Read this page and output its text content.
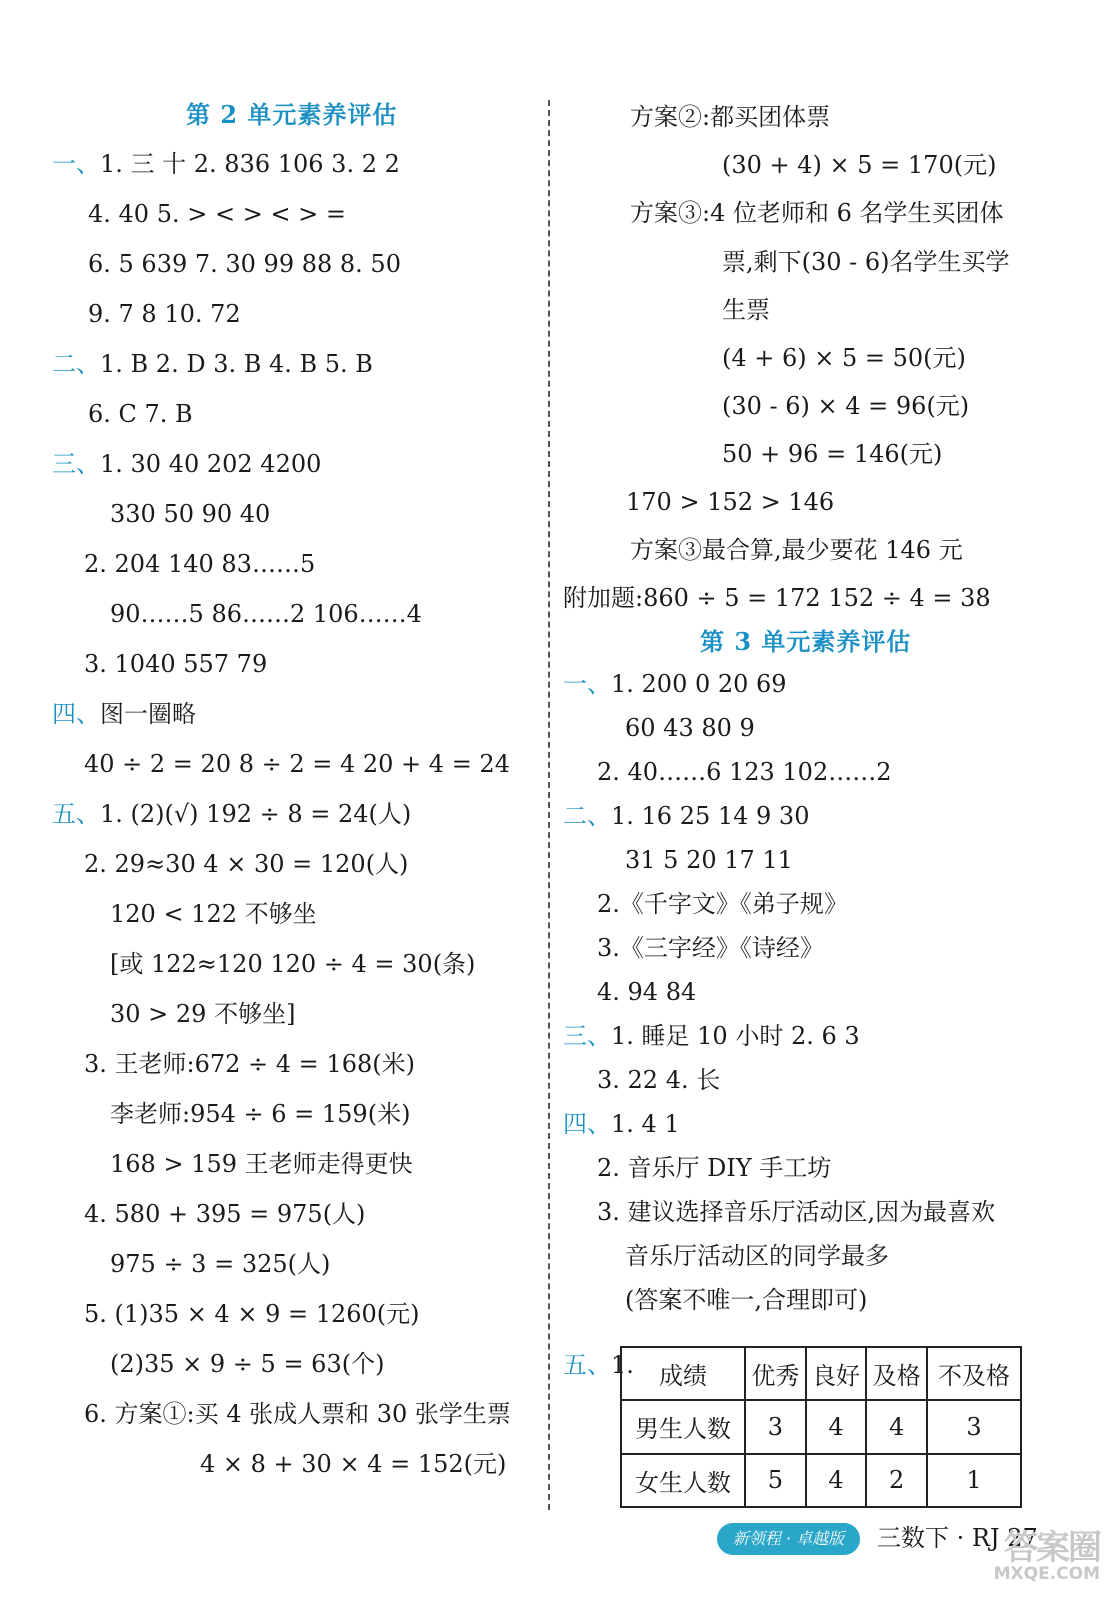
第 2 单元素养评估
一、1. 三 十 2. 836 106 3. 2 2
4. 40 5. > < > < > =
6. 5 639 7. 30 99 88 8. 50
9. 7 8 10. 72
二、1. B 2. D 3. B 4. B 5. B
6. C 7. B
三、1. 30 40 202 4200
330 50 90 40
2. 204 140 83……5
90……5 86……2 106……4
3. 1040 557 79
四、图一圈略
40 ÷ 2 = 20 8 ÷ 2 = 4 20 + 4 = 24
五、1. (2)(√) 192 ÷ 8 = 24(人)
2. 29≈30 4 × 30 = 120(人)
120 < 122 不够坐
[或 122≈120 120 ÷ 4 = 30(条)
30 > 29 不够坐]
3. 王老师:672 ÷ 4 = 168(米)
李老师:954 ÷ 6 = 159(米)
168 > 159 王老师走得更快
4. 580 + 395 = 975(人)
975 ÷ 3 = 325(人)
5. (1)35 × 4 × 9 = 1260(元)
(2)35 × 9 ÷ 5 = 63(个)
6. 方案①:买 4 张成人票和 30 张学生票
4 × 8 + 30 × 4 = 152(元)
方案②:都买团体票
(30 + 4) × 5 = 170(元)
方案③:4 位老师和 6 名学生买团体
票,剩下(30 - 6)名学生买学
生票
(4 + 6) × 5 = 50(元)
(30 - 6) × 4 = 96(元)
50 + 96 = 146(元)
170 > 152 > 146
方案③最合算,最少要花 146 元
附加题:860 ÷ 5 = 172 152 ÷ 4 = 38
第 3 单元素养评估
一、1. 200 0 20 69
60 43 80 9
2. 40……6 123 102……2
二、1. 16 25 14 9 30
31 5 20 17 11
2.《千字文》《弟子规》
3.《三字经》《诗经》
4. 94 84
三、1. 睡足 10 小时 2. 6 3
3. 22 4. 长
四、1. 4 1
2. 音乐厅 DIY 手工坊
3. 建议选择音乐厅活动区,因为最喜欢
音乐厅活动区的同学最多
(答案不唯一,合理即可)
五、1. 成绩	优秀	良好	及格	不及格
男生人数	3	4	4	3
女生人数	5	4	2	1
新领程 · 卓越版	三数下 · RJ 27
答案圈
MXQE.COM
